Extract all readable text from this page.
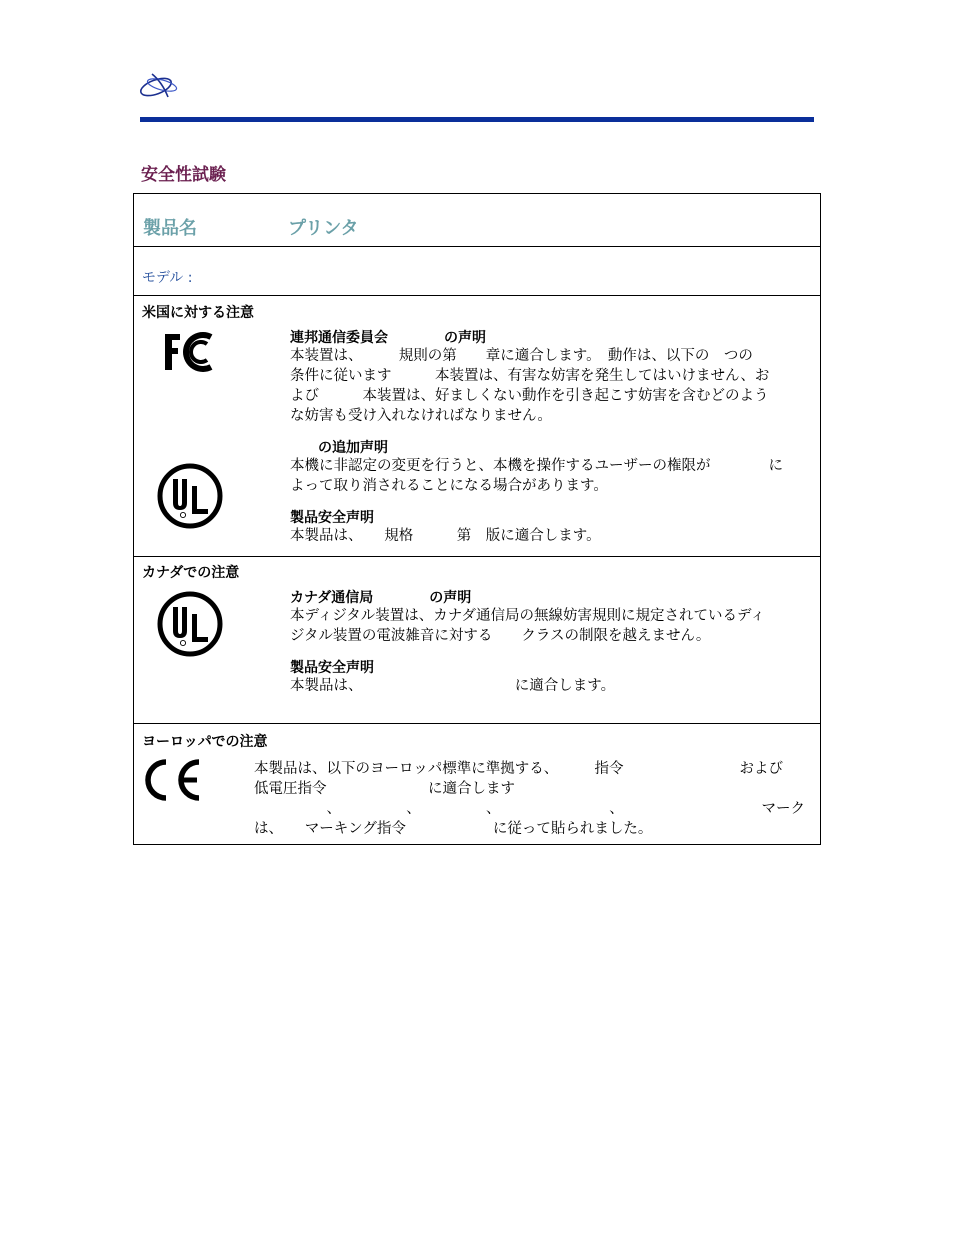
安全性試験
製品名	プリンタ
モデル :
米国に対する注意
連邦通信委員会　　　　の声明
本装置は、　　　規則の第　　章に適合します。　動作は、以下の　つの
条件に従います　　　本装置は、有害な妨害を発生してはいけません、お
よび　　　本装置は、好ましくない動作を引き起こす妨害を含むどのよう
な妨害も受け入れなければなりません。
　　の追加声明
本機に非認定の変更を行うと、本機を操作するユーザーの権限が　　　　に
よって取り消されることになる場合があります。
製品安全声明
本製品は、　　規格　　　第　版に適合します。
カナダでの注意
カナダ通信局　　　　の声明
本ディジタル装置は、カナダ通信局の無線妨害規則に規定されているディ
ジタル装置の電波雑音に対する　　クラスの制限を越えません。
製品安全声明
本製品は、　　　　　　　　　　　に適合します。
ヨーロッパでの注意
本製品は、以下のヨーロッパ標準に準拠する、　　　指令　　　　　　　　および
低電圧指令　　　　　　　に適合します
　　　　　、　　　　　、　　　　　、　　　　　　　　、　　　　　　　　　　マーク
は、　　マーキング指令　　　　　　に従って貼られました。
